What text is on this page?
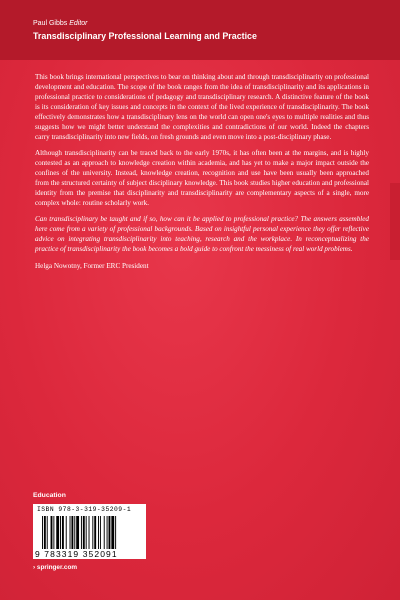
Paul Gibbs Editor
Transdisciplinary Professional Learning and Practice

This book brings international perspectives to bear on thinking about and through transdisciplinarity on professional development and education. The scope of the book ranges from the idea of transdisciplinarity and its applications in professional practice to considerations of pedagogy and transdisciplinary research. A distinctive feature of the book is its consideration of key issues and concepts in the context of the lived experience of transdisciplinarity. The book effectively demonstrates how a transdisciplinary lens on the world can open one's eyes to multiple realities and thus suggests how we might better understand the complexities and contradictions of our world. Indeed the chapters carry transdisciplinarity into new fields, on fresh grounds and even move into a post-disciplinary phase.

Although transdisciplinarity can be traced back to the early 1970s, it has often been at the margins, and is highly contested as an approach to knowledge creation within academia, and has yet to make a major impact outside the confines of the university. Instead, knowledge creation, recognition and use have been usually been approached from the structured certainty of subject disciplinary knowledge. This book studies higher education and professional identity from the premise that disciplinarity and transdisciplinarity are complementary aspects of a single, more complex whole: routine scholarly work.

Can transdisciplinary be taught and if so, how can it be applied to professional practice? The answers assembled here come from a variety of professional backgrounds. Based on insightful personal experience they offer reflective advice on integrating transdisciplinarity into teaching, research and the workplace. In reconceptualizing the practice of transdisciplinarity the book becomes a bold guide to confront the messiness of real world problems.

Helga Nowotny, Former ERC President

Education
ISBN 978-3-319-35209-1
9 783319 352091
› springer.com
